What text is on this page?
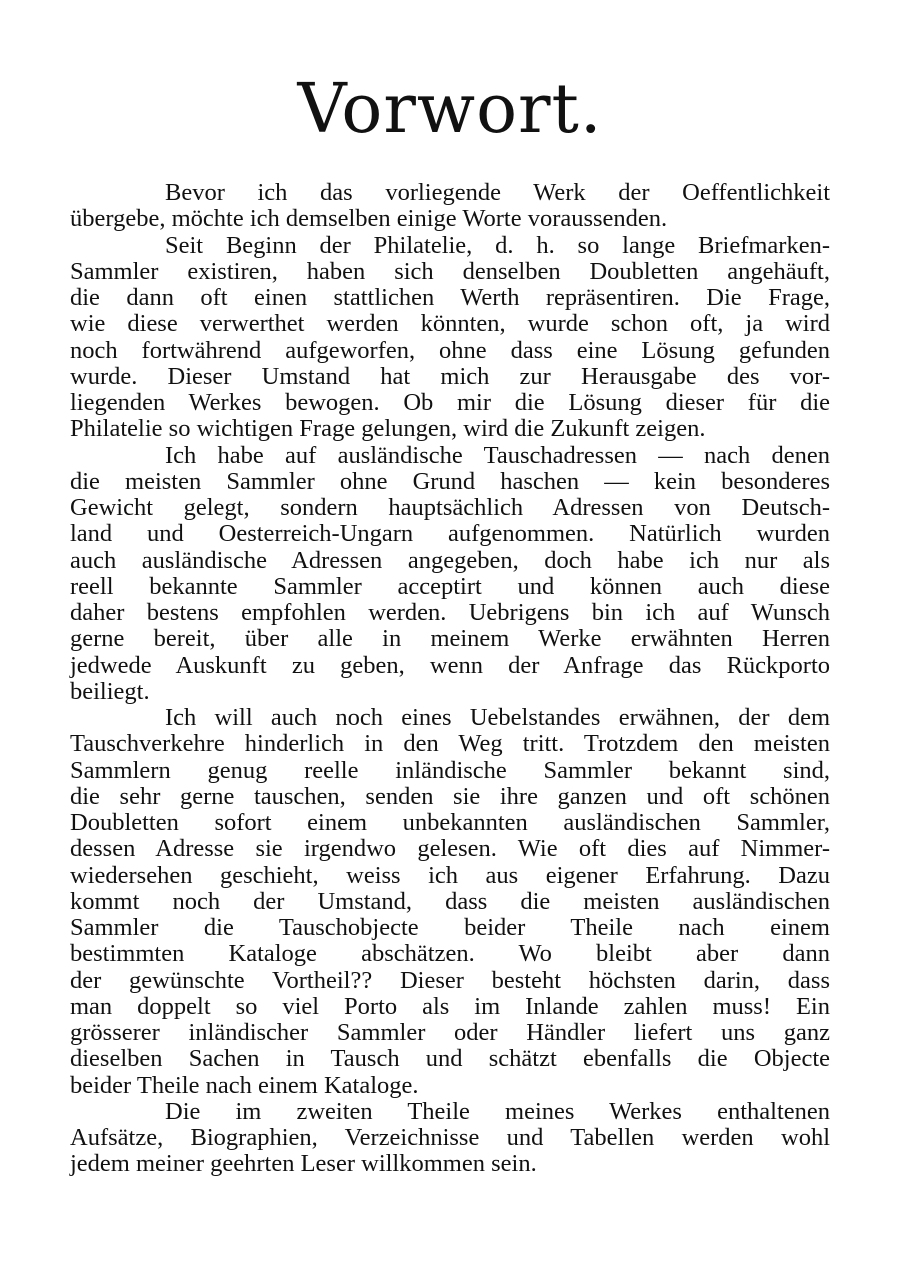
Vorwort.

Bevor ich das vorliegende Werk der Oeffentlichkeit
übergebe, möchte ich demselben einige Worte voraussenden.

Seit Beginn der Philatelie, d. h. so lange Briefmarken-
Sammler existiren, haben sich denselben Doubletten angehäuft,
die dann oft einen stattlichen Werth repräsentiren. Die Frage,
wie diese verwerthet werden könnten, wurde schon oft, ja wird
noch fortwährend aufgeworfen, ohne dass eine Lösung gefunden
wurde. Dieser Umstand hat mich zur Herausgabe des vor-
liegenden Werkes bewogen. Ob mir die Lösung dieser für die
Philatelie so wichtigen Frage gelungen, wird die Zukunft zeigen.

Ich habe auf ausländische Tauschadressen — nach denen
die meisten Sammler ohne Grund haschen — kein besonderes
Gewicht gelegt, sondern hauptsächlich Adressen von Deutsch-
land und Oesterreich-Ungarn aufgenommen. Natürlich wurden
auch ausländische Adressen angegeben, doch habe ich nur als
reell bekannte Sammler acceptirt und können auch diese
daher bestens empfohlen werden. Uebrigens bin ich auf Wunsch
gerne bereit, über alle in meinem Werke erwähnten Herren
jedwede Auskunft zu geben, wenn der Anfrage das Rückporto
beiliegt.

Ich will auch noch eines Uebelstandes erwähnen, der dem
Tauschverkehre hinderlich in den Weg tritt. Trotzdem den meisten
Sammlern genug reelle inländische Sammler bekannt sind,
die sehr gerne tauschen, senden sie ihre ganzen und oft schönen
Doubletten sofort einem unbekannten ausländischen Sammler,
dessen Adresse sie irgendwo gelesen. Wie oft dies auf Nimmer-
wiedersehen geschieht, weiss ich aus eigener Erfahrung. Dazu
kommt noch der Umstand, dass die meisten ausländischen
Sammler die Tauschobjecte beider Theile nach einem
bestimmten Kataloge abschätzen. Wo bleibt aber dann
der gewünschte Vortheil?? Dieser besteht höchsten darin, dass
man doppelt so viel Porto als im Inlande zahlen muss! Ein
grösserer inländischer Sammler oder Händler liefert uns ganz
dieselben Sachen in Tausch und schätzt ebenfalls die Objecte
beider Theile nach einem Kataloge.

Die im zweiten Theile meines Werkes enthaltenen
Aufsätze, Biographien, Verzeichnisse und Tabellen werden wohl
jedem meiner geehrten Leser willkommen sein.
